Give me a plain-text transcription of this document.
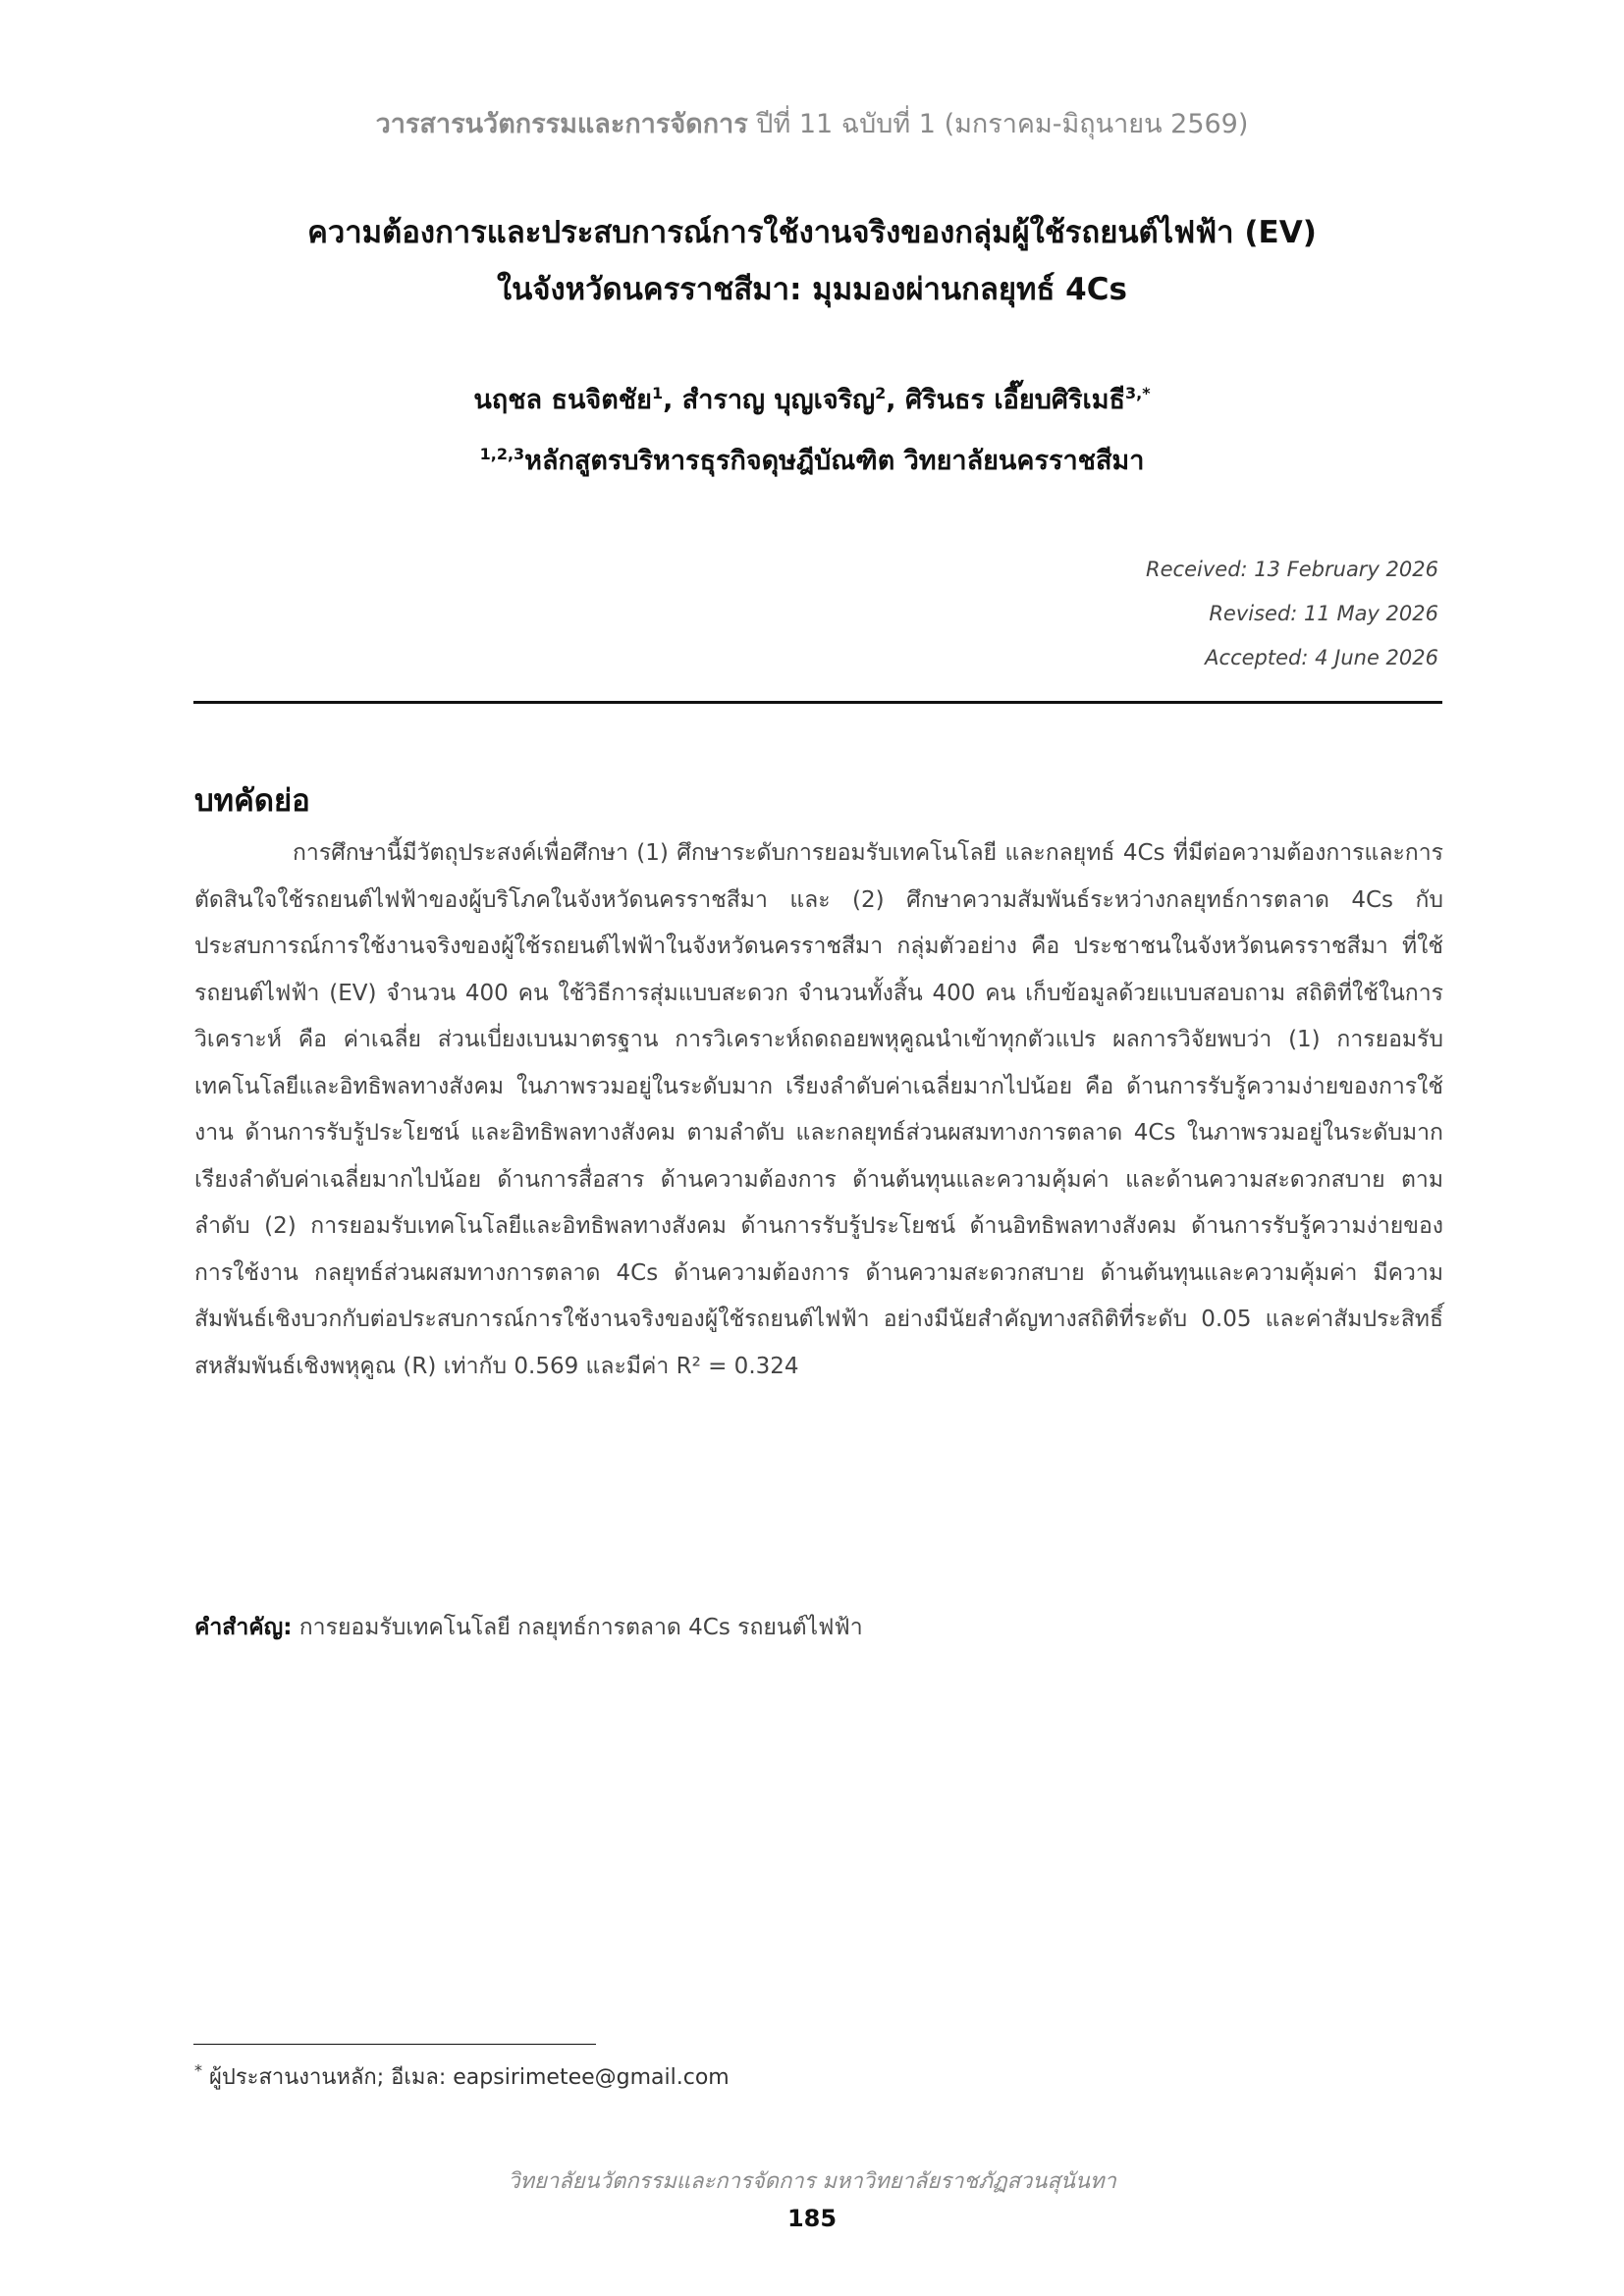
วารสารนวัตกรรมและการจัดการ ปีที่ 11 ฉบับที่ 1 (มกราคม-มิถุนายน 2569)
ความต้องการและประสบการณ์การใช้งานจริงของกลุ่มผู้ใช้รถยนต์ไฟฟ้า (EV)
ในจังหวัดนครราชสีมา: มุมมองผ่านกลยุทธ์ 4Cs
นฤชล ธนจิตชัย$^1$, สำราญ บุญเจริญ$^2$, ศิรินธร เอี๊ยบศิริเมธี$^{3,*}$
$^{1,2,3}$หลักสูตรบริหารธุรกิจดุษฎีบัณฑิต วิทยาลัยนครราชสีมา
Received: 13 February 2026
Revised: 11 May 2026
Accepted: 4 June 2026
บทคัดย่อ

การศึกษานี้มีวัตถุประสงค์เพื่อศึกษา (1) ศึกษาระดับการยอมรับเทคโนโลยี และกลยุทธ์ 4Cs ที่มีต่อความต้องการและการตัดสินใจใช้รถยนต์ไฟฟ้าของผู้บริโภคในจังหวัดนครราชสีมา และ (2) ศึกษาความสัมพันธ์ระหว่างกลยุทธ์การตลาด 4Cs กับประสบการณ์การใช้งานจริงของผู้ใช้รถยนต์ไฟฟ้าในจังหวัดนครราชสีมา กลุ่มตัวอย่าง คือ ประชาชนในจังหวัดนครราชสีมา ที่ใช้รถยนต์ไฟฟ้า (EV) จำนวน 400 คน ใช้วิธีการสุ่มแบบสะดวก จำนวนทั้งสิ้น 400 คน เก็บข้อมูลด้วยแบบสอบถาม สถิติที่ใช้ในการวิเคราะห์ คือ ค่าเฉลี่ย ส่วนเบี่ยงเบนมาตรฐาน การวิเคราะห์ถดถอยพหุคูณนำเข้าทุกตัวแปร ผลการวิจัยพบว่า (1) การยอมรับเทคโนโลยีและอิทธิพลทางสังคม ในภาพรวมอยู่ในระดับมาก เรียงลำดับค่าเฉลี่ยมากไปน้อย คือ ด้านการรับรู้ความง่ายของการใช้งาน ด้านการรับรู้ประโยชน์ และอิทธิพลทางสังคม ตามลำดับ และกลยุทธ์ส่วนผสมทางการตลาด 4Cs ในภาพรวมอยู่ในระดับมาก เรียงลำดับค่าเฉลี่ยมากไปน้อย ด้านการสื่อสาร ด้านความต้องการ ด้านต้นทุนและความคุ้มค่า และด้านความสะดวกสบาย ตามลำดับ (2) การยอมรับเทคโนโลยีและอิทธิพลทางสังคม ด้านการรับรู้ประโยชน์ ด้านอิทธิพลทางสังคม ด้านการรับรู้ความง่ายของการใช้งาน กลยุทธ์ส่วนผสมทางการตลาด 4Cs ด้านความต้องการ ด้านความสะดวกสบาย ด้านต้นทุนและความคุ้มค่า มีความสัมพันธ์เชิงบวกกับต่อประสบการณ์การใช้งานจริงของผู้ใช้รถยนต์ไฟฟ้า อย่างมีนัยสำคัญทางสถิติที่ระดับ 0.05 และค่าสัมประสิทธิ์สหสัมพันธ์เชิงพหุคูณ (R) เท่ากับ 0.569 และมีค่า R² = 0.324

คำสำคัญ: การยอมรับเทคโนโลยี กลยุทธ์การตลาด 4Cs รถยนต์ไฟฟ้า
* ผู้ประสานงานหลัก; อีเมล: eapsirimetee@gmail.com
วิทยาลัยนวัตกรรมและการจัดการ มหาวิทยาลัยราชภัฏสวนสุนันทา
185
